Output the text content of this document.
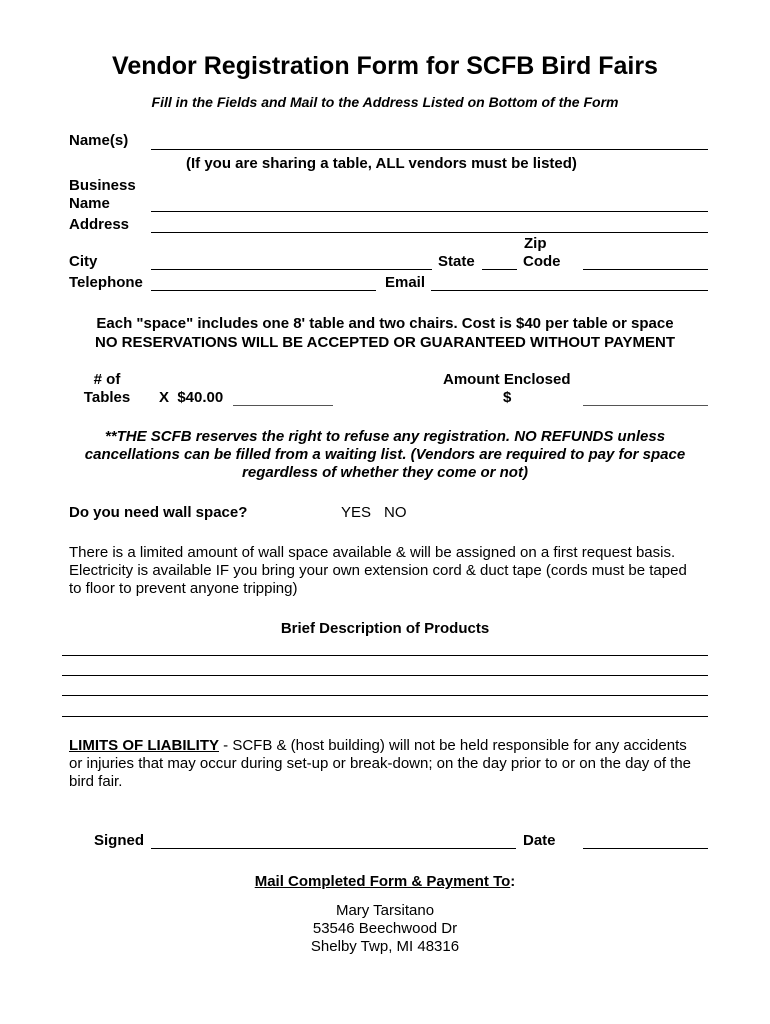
Vendor Registration Form for SCFB Bird Fairs
Fill in the Fields and Mail to the Address Listed on Bottom of the Form
Name(s)
(If you are sharing a table, ALL vendors must be listed)
Business
Name
Address
City	State
Zip
Code
Telephone	Email
Each "space" includes one 8' table and two chairs. Cost is $40 per table or space
NO RESERVATIONS WILL BE ACCEPTED OR GUARANTEED WITHOUT PAYMENT
# of
Tables	X  $40.00
Amount Enclosed
$
**THE SCFB reserves the right to refuse any registration. NO REFUNDS unless
cancellations can be filled from a waiting list. (Vendors are required to pay for space
regardless of whether they come or not)
Do you need wall space?	YES NO
There is a limited amount of wall space available & will be assigned on a first request basis.
Electricity is available IF you bring your own extension cord & duct tape (cords must be taped
to floor to prevent anyone tripping)
Brief Description of Products
LIMITS OF LIABILITY - SCFB & (host building) will not be held responsible for any accidents
or injuries that may occur during set-up or break-down; on the day prior to or on the day of the
bird fair.
Signed	Date
Mail Completed Form & Payment To:
Mary Tarsitano
53546 Beechwood Dr
Shelby Twp, MI 48316
